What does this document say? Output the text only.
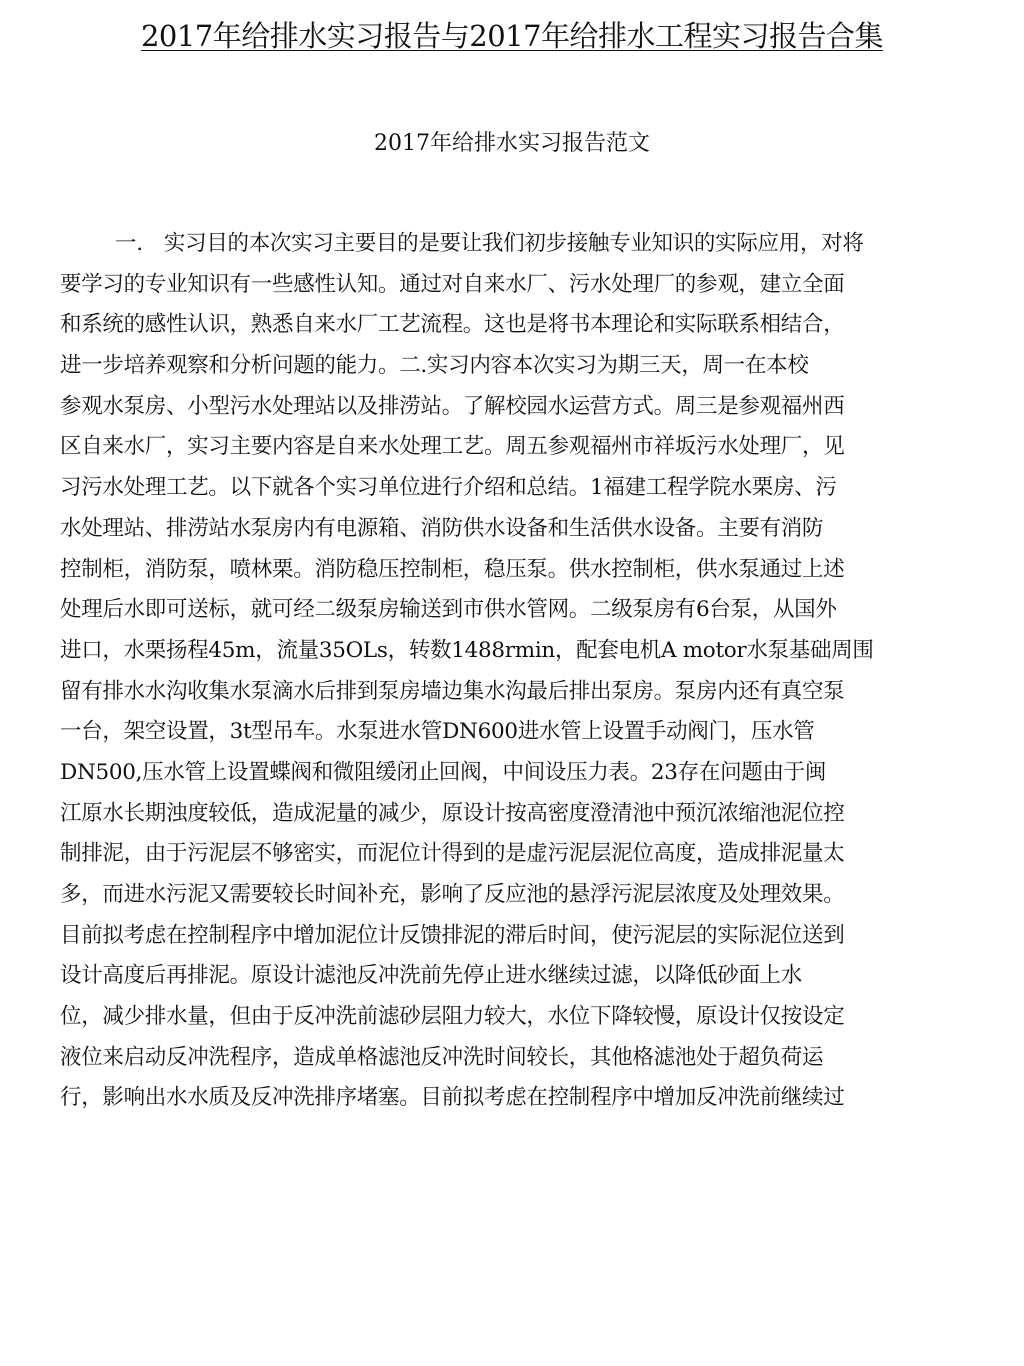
2017年给排水实习报告与2017年给排水工程实习报告合集
2017年给排水实习报告范文
一.　实习目的本次实习主要目的是要让我们初步接触专业知识的实际应用，对将
要学习的专业知识有一些感性认知。通过对自来水厂、污水处理厂的参观，建立全面
和系统的感性认识，熟悉自来水厂工艺流程。这也是将书本理论和实际联系相结合，
进一步培养观察和分析问题的能力。二.实习内容本次实习为期三天，周一在本校
参观水泵房、小型污水处理站以及排涝站。了解校园水运营方式。周三是参观福州西
区自来水厂，实习主要内容是自来水处理工艺。周五参观福州市祥坂污水处理厂，见
习污水处理工艺。以下就各个实习单位进行介绍和总结。1福建工程学院水栗房、污
水处理站、排涝站水泵房内有电源箱、消防供水设备和生活供水设备。主要有消防
控制柜，消防泵，喷林栗。消防稳压控制柜，稳压泵。供水控制柜，供水泵通过上述
处理后水即可送标，就可经二级泵房输送到市供水管网。二级泵房有6台泵，从国外
进口，水栗扬程45m，流量35OLs，转数1488rmin，配套电机A motor水泵基础周围
留有排水水沟收集水泵滴水后排到泵房墙边集水沟最后排出泵房。泵房内还有真空泵
一台，架空设置，3t型吊车。水泵进水管DN600进水管上设置手动阀门，压水管
DN500,压水管上设置蝶阀和微阻缓闭止回阀，中间设压力表。23存在问题由于闽
江原水长期浊度较低，造成泥量的减少，原设计按高密度澄清池中预沉浓缩池泥位控
制排泥，由于污泥层不够密实，而泥位计得到的是虚污泥层泥位高度，造成排泥量太
多，而进水污泥又需要较长时间补充，影响了反应池的悬浮污泥层浓度及处理效果。
目前拟考虑在控制程序中增加泥位计反馈排泥的滞后时间，使污泥层的实际泥位送到
设计高度后再排泥。原设计滤池反冲洗前先停止进水继续过滤，以降低砂面上水
位，减少排水量，但由于反冲洗前滤砂层阻力较大，水位下降较慢，原设计仅按设定
液位来启动反冲洗程序，造成单格滤池反冲洗时间较长，其他格滤池处于超负荷运
行，影响出水水质及反冲洗排序堵塞。目前拟考虑在控制程序中增加反冲洗前继续过
